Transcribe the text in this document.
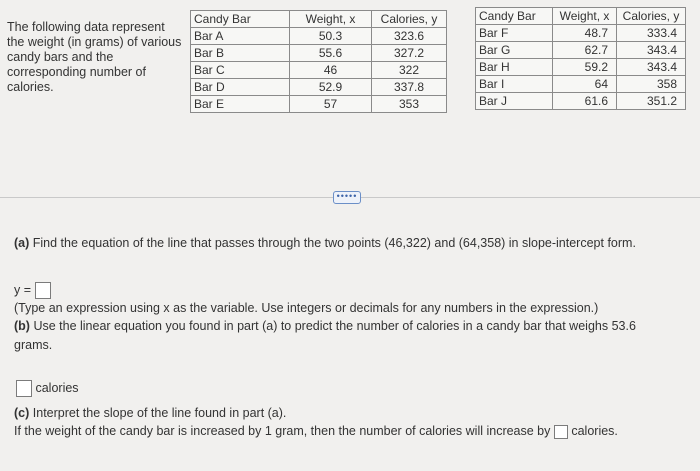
The following data represent the weight (in grams) of various candy bars and the corresponding number of calories.
Candy Bar	Weight, x	Calories, y
Bar A	50.3	323.6
Bar B	55.6	327.2
Bar C	46	322
Bar D	52.9	337.8
Bar E	57	353
Candy Bar	Weight, x	Calories, y
Bar F	48.7	333.4
Bar G	62.7	343.4
Bar H	59.2	343.4
Bar I	64	358
Bar J	61.6	351.2
•••••
(a) Find the equation of the line that passes through the two points (46,322) and (64,358) in slope-intercept form.
y =
(Type an expression using x as the variable. Use integers or decimals for any numbers in the expression.)
(b) Use the linear equation you found in part (a) to predict the number of calories in a candy bar that weighs 53.6
grams.
calories
(c) Interpret the slope of the line found in part (a).
If the weight of the candy bar is increased by 1 gram, then the number of calories will increase by calories.
